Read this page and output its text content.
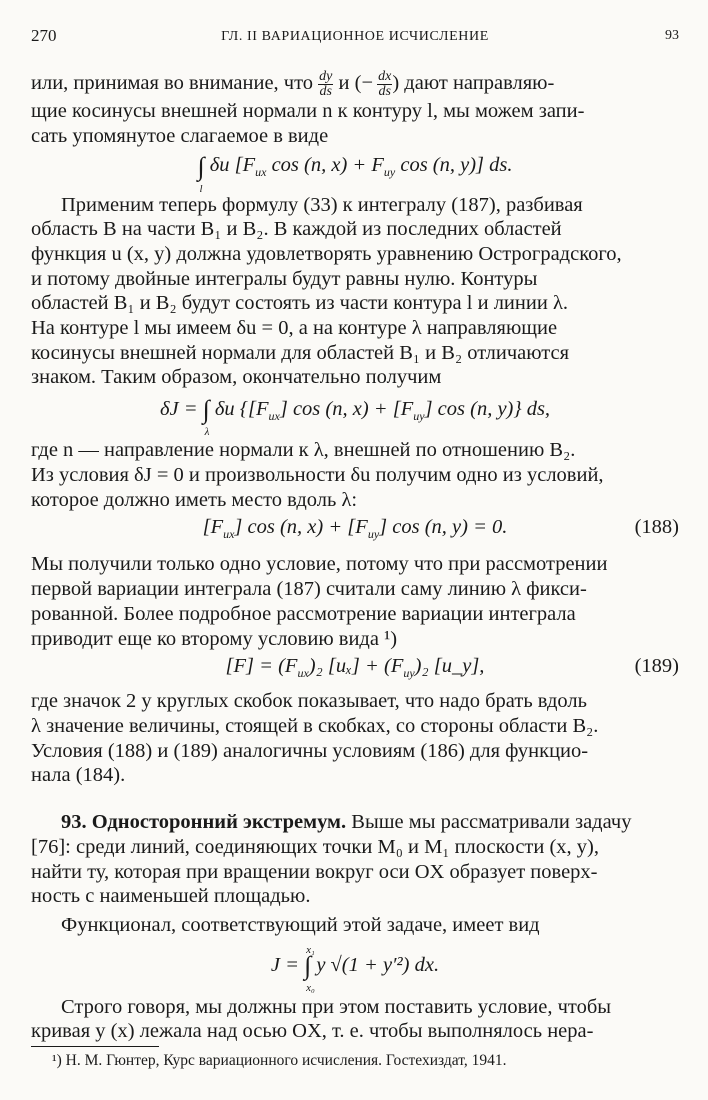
270	ГЛ. II ВАРИАЦИОННОЕ ИСЧИСЛЕНИЕ	93

или, принимая во внимание, что $\frac{dy}{ds}$ и (−  $\frac{dx}{ds}$) дают направляю-
щие косинусы внешней нормали n к контуру l, мы можем запи-
сать упомянутое слагаемое в виде

∫
l
δu [$F_{ux}$ cos (n, $x) + F_{uy}$ cos (n, y)] ds.

Применим теперь формулу (33) к интегралу (187), разбивая
область B на части B₁ и B₂. В каждой из последних областей
функция u (x, y) должна удовлетворять уравнению Остроградского,
и потому двойные интегралы будут равны нулю. Контуры
областей B₁ и B₂ будут состоять из части контура l и линии λ.
На контуре l мы имеем δu = 0, а на контуре λ направляющие
косинусы внешней нормали для областей B₁ и B₂ отличаются
знаком. Таким образом, окончательно получим

δJ = ∫
λ
δu {$[F_{ux}]$ cos (n, $x) + [F_{uy}]$ cos (n, y)} ds,

где n — направление нормали к λ, внешней по отношению B₂.
Из условия δJ = 0 и произвольности δu получим одно из условий,
которое должно иметь место вдоль λ:

$[F_{ux}]$ cos (n, $x) + [F_{uy}]$ cos (n, y) = 0.	(188)

Мы получили только одно условие, потому что при рассмотрении
первой вариации интеграла (187) считали саму линию λ фикси-
рованной. Более подробное рассмотрение вариации интеграла
приводит еще ко второму условию вида ¹)

$[F] = (F_{ux})_2$ $[u_x] + (F_{uy})_2$ [u_y],	(189)

где значок 2 у круглых скобок показывает, что надо брать вдоль
λ значение величины, стоящей в скобках, со стороны области B₂.
Условия (188) и (189) аналогичны условиям (186) для функцио-
нала (184).

93. Односторонний экстремум. Выше мы рассматривали задачу
[76]: среди линий, соединяющих точки M₀ и M₁ плоскости (x, y),
найти ту, которая при вращении вокруг оси OX образует поверх-
ность с наименьшей площадью.

Функционал, соответствующий этой задаче, имеет вид

J = ∫
x₁
x₀
y √(1 + y′²) dx.

Строго говоря, мы должны при этом поставить условие, чтобы
кривая y (x) лежала над осью OX, т. е. чтобы выполнялось нера-

¹) Н. М. Гюнтер, Курс вариационного исчисления. Гостехиздат, 1941.
